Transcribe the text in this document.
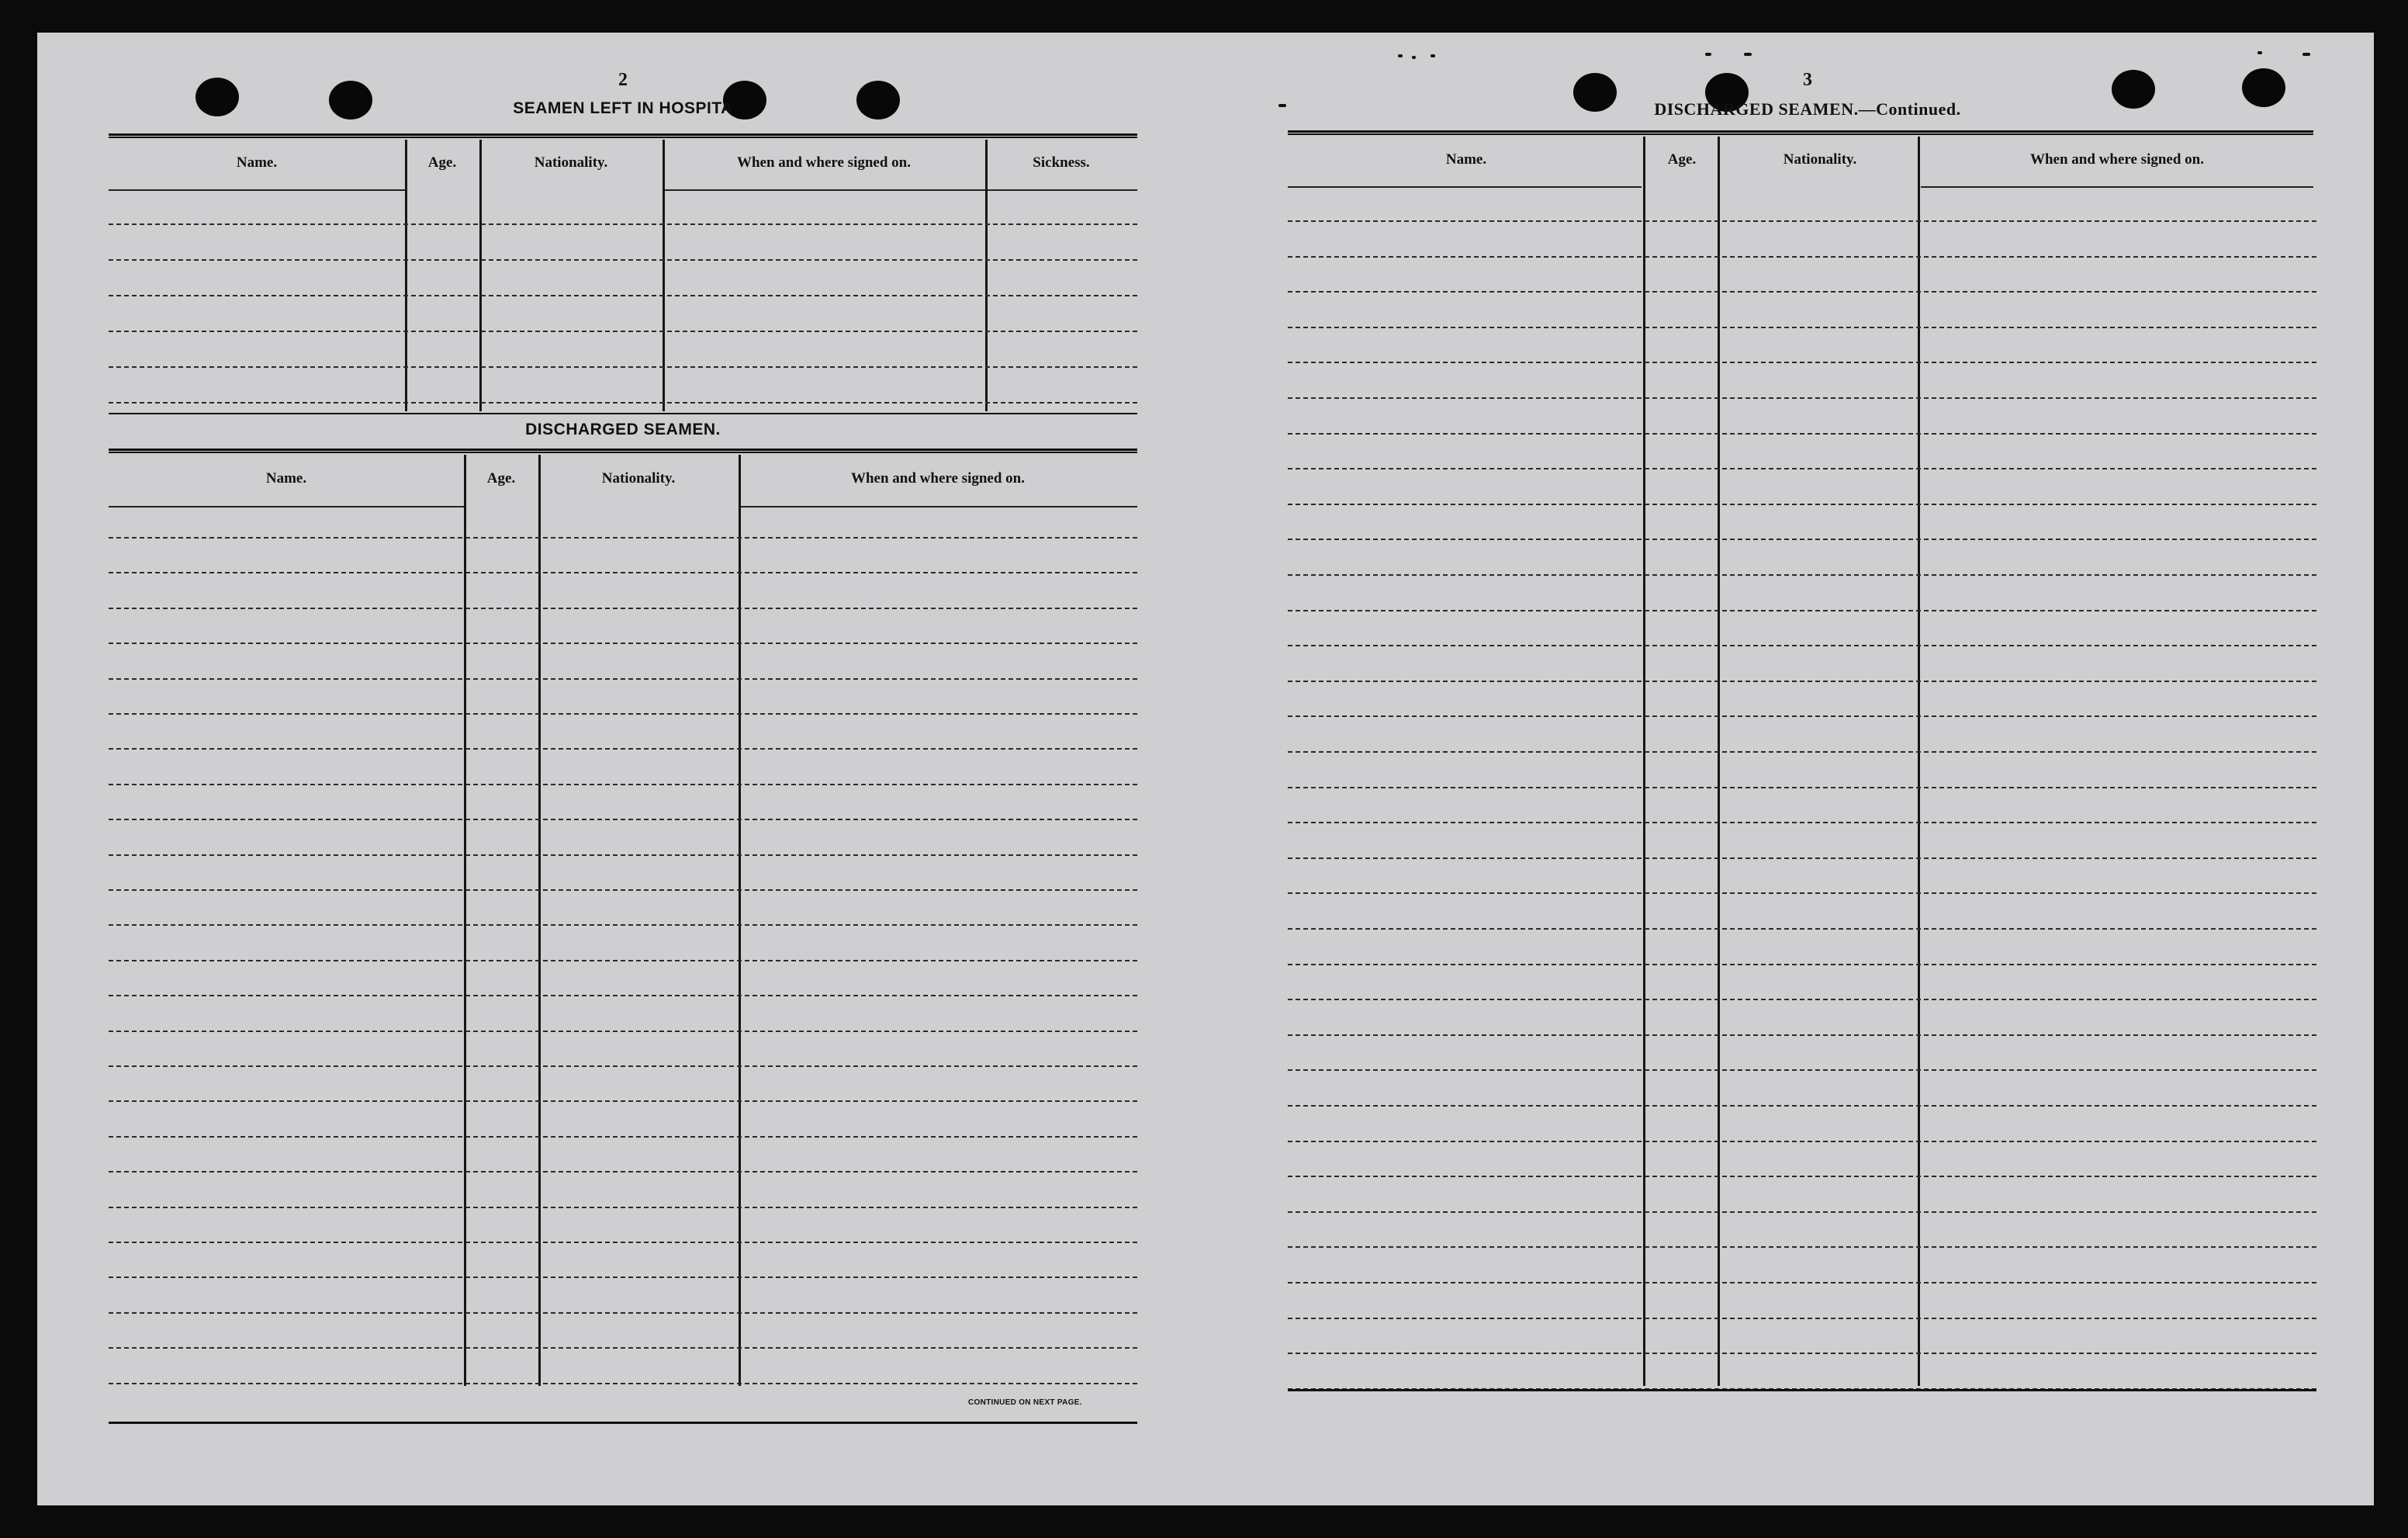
2
SEAMEN LEFT IN HOSPITA
Name.	Age.	Nationality.	When and where signed on.	Sickness.
DISCHARGED SEAMEN.
Name.	Age.	Nationality.	When and where signed on.
CONTINUED ON NEXT PAGE.
3
DISCHARGED SEAMEN.—Continued.
Name.	Age.	Nationality.	When and where signed on.
